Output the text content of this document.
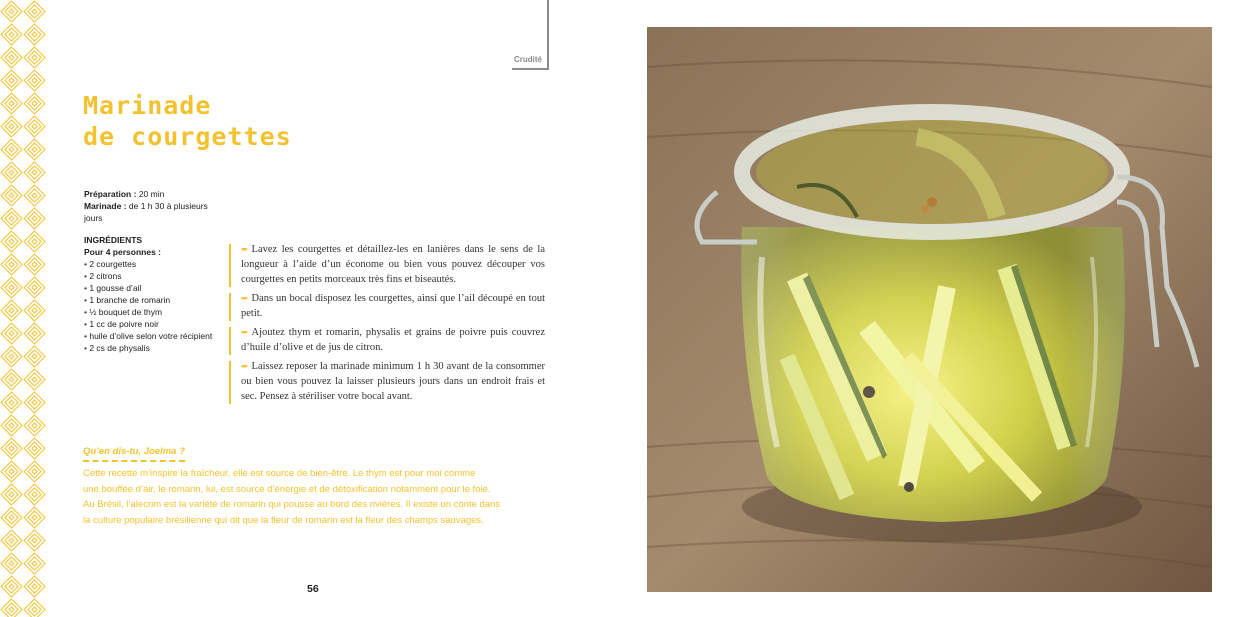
Crudité
Marinade
de courgettes
Préparation : 20 min
Marinade : de 1 h 30 à plusieurs jours
INGRÉDIENTS
Pour 4 personnes :
• 2 courgettes
• 2 citrons
• 1 gousse d’ail
• 1 branche de romarin
• ½ bouquet de thym
• 1 cc de poivre noir
• huile d’olive selon votre récipient
• 2 cs de physalis
➨ Lavez les courgettes et détaillez-les en lanières dans le sens de la longueur à l’aide d’un économe ou bien vous pouvez découper vos courgettes en petits morceaux très fins et biseautés.
➨ Dans un bocal disposez les courgettes, ainsi que l’ail découpé en tout petit.
➨ Ajoutez thym et romarin, physalis et grains de poivre puis couvrez d’huile d’olive et de jus de citron.
➨ Laissez reposer la marinade minimum 1 h 30 avant de la consommer ou bien vous pouvez la laisser plusieurs jours dans un endroit frais et sec. Pensez à stériliser votre bocal avant.
Qu’en dis-tu, Joelma ?
Cette recette m’inspire la fraîcheur, elle est source de bien-être. Le thym est pour moi comme
une bouffée d’air, le romarin, lui, est source d’énergie et de détoxification notamment pour le foie.
Au Brésil, l’alecrim est la variété de romarin qui pousse au bord des rivières. Il existe un conte dans
la culture populaire brésilienne qui dit que la fleur de romarin est la fleur des champs sauvages.
56
